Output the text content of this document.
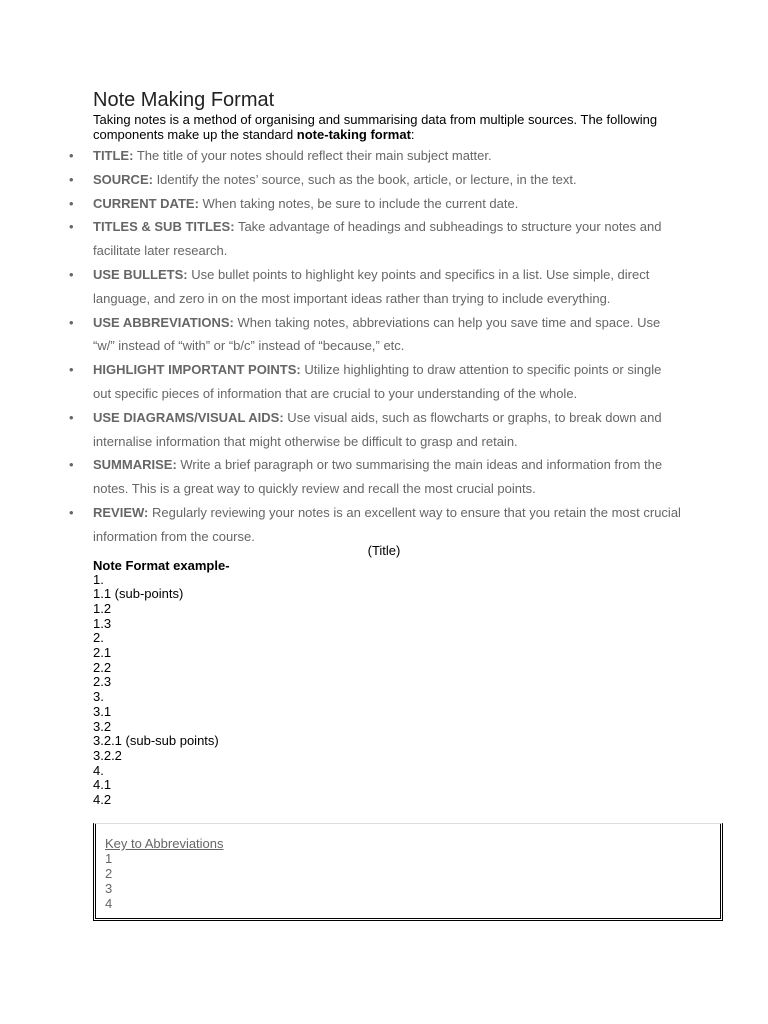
Note Making Format

Taking notes is a method of organising and summarising data from multiple sources. The following components make up the standard note-taking format:

• TITLE: The title of your notes should reflect their main subject matter.
• SOURCE: Identify the notes’ source, such as the book, article, or lecture, in the text.
• CURRENT DATE: When taking notes, be sure to include the current date.
• TITLES & SUB TITLES: Take advantage of headings and subheadings to structure your notes and facilitate later research.
• USE BULLETS: Use bullet points to highlight key points and specifics in a list. Use simple, direct language, and zero in on the most important ideas rather than trying to include everything.
• USE ABBREVIATIONS: When taking notes, abbreviations can help you save time and space. Use “w/” instead of “with” or “b/c” instead of “because,” etc.
• HIGHLIGHT IMPORTANT POINTS: Utilize highlighting to draw attention to specific points or single out specific pieces of information that are crucial to your understanding of the whole.
• USE DIAGRAMS/VISUAL AIDS: Use visual aids, such as flowcharts or graphs, to break down and internalise information that might otherwise be difficult to grasp and retain.
• SUMMARISE: Write a brief paragraph or two summarising the main ideas and information from the notes. This is a great way to quickly review and recall the most crucial points.
• REVIEW: Regularly reviewing your notes is an excellent way to ensure that you retain the most crucial information from the course.
(Title)
Note Format example-
1.
1.1 (sub-points)
1.2
1.3
2.
2.1
2.2
2.3
3.
3.1
3.2
3.2.1 (sub-sub points)
3.2.2
4.
4.1
4.2
Key to Abbreviations
1
2
3
4
